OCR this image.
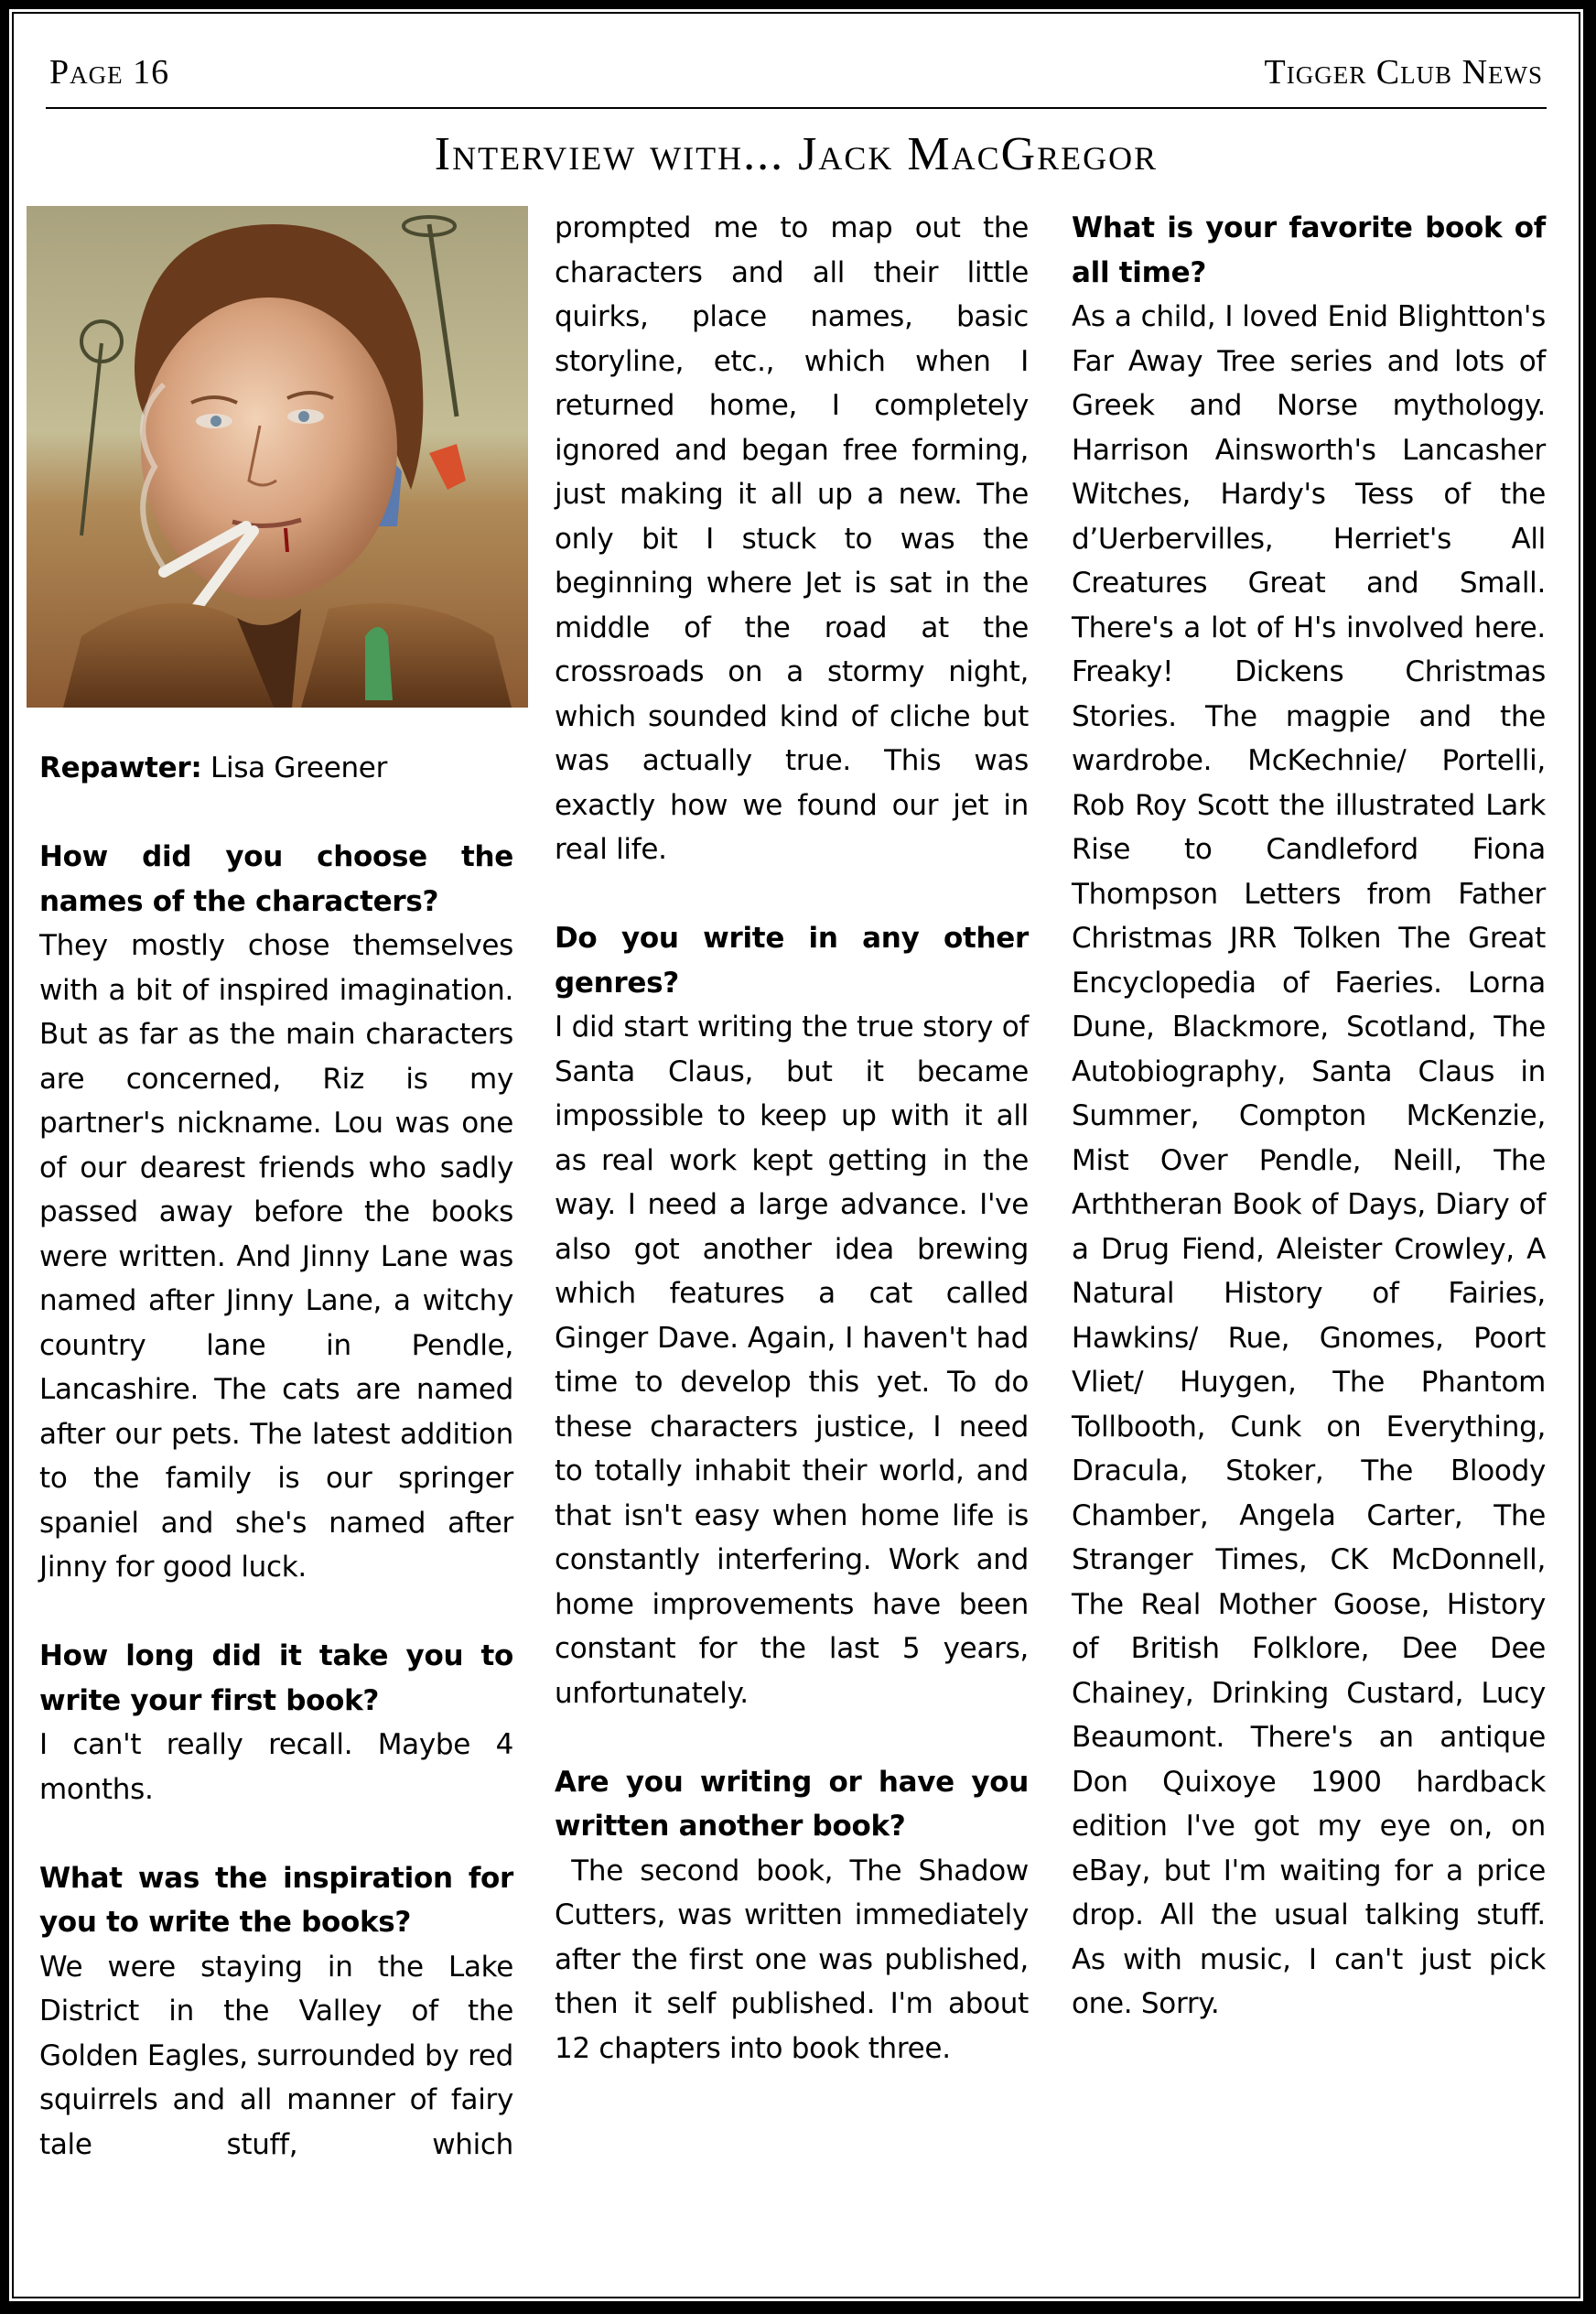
Page 16	Tigger Club News
Interview with... Jack MacGregor

Repawter: Lisa Greener

How did you choose the names of the characters?

They mostly chose themselves with a bit of inspired imagination. But as far as the main characters are concerned, Riz is my partner's nickname. Lou was one of our dearest friends who sadly passed away before the books were written. And Jinny Lane was named after Jinny Lane, a witchy country lane in Pendle, Lancashire. The cats are named after our pets. The latest addition to the family is our springer spaniel and she's named after Jinny for good luck.

How long did it take you to write your first book?

I can't really recall. Maybe 4 months.

What was the inspiration for you to write the books?

We were staying in the Lake District in the Valley of the Golden Eagles, surrounded by red squirrels and all manner of fairy tale stuff, which

prompted me to map out the characters and all their little quirks, place names, basic storyline, etc., which when I returned home, I completely ignored and began free forming, just making it all up a new. The only bit I stuck to was the beginning where Jet is sat in the middle of the road at the crossroads on a stormy night, which sounded kind of cliche but was actually true. This was exactly how we found our jet in real life.

Do you write in any other genres?

I did start writing the true story of Santa Claus, but it became impossible to keep up with it all as real work kept getting in the way. I need a large advance. I've also got another idea brewing which features a cat called Ginger Dave. Again, I haven't had time to develop this yet. To do these characters justice, I need to totally inhabit their world, and that isn't easy when home life is constantly interfering. Work and home improvements have been constant for the last 5 years, unfortunately.

Are you writing or have you written another book?

The second book, The Shadow Cutters, was written immediately after the first one was published, then it self published. I'm about 12 chapters into book three.

What is your favorite book of all time?

As a child, I loved Enid Blightton's Far Away Tree series and lots of Greek and Norse mythology. Harrison Ainsworth's Lancasher Witches, Hardy's Tess of the d’Uerbervilles, Herriet's All Creatures Great and Small. There's a lot of H's involved here. Freaky! Dickens Christmas Stories. The magpie and the wardrobe. McKechnie/ Portelli, Rob Roy Scott the illustrated Lark Rise to Candleford Fiona Thompson Letters from Father Christmas JRR Tolken The Great Encyclopedia of Faeries. Lorna Dune, Blackmore, Scotland, The Autobiography, Santa Claus in Summer, Compton McKenzie, Mist Over Pendle, Neill, The Arththeran Book of Days, Diary of a Drug Fiend, Aleister Crowley, A Natural History of Fairies, Hawkins/ Rue, Gnomes, Poort Vliet/ Huygen, The Phantom Tollbooth, Cunk on Everything, Dracula, Stoker, The Bloody Chamber, Angela Carter, The Stranger Times, CK McDonnell, The Real Mother Goose, History of British Folklore, Dee Dee Chainey, Drinking Custard, Lucy Beaumont. There's an antique Don Quixoye 1900 hardback edition I've got my eye on, on eBay, but I'm waiting for a price drop. All the usual talking stuff. As with music, I can't just pick one. Sorry.
